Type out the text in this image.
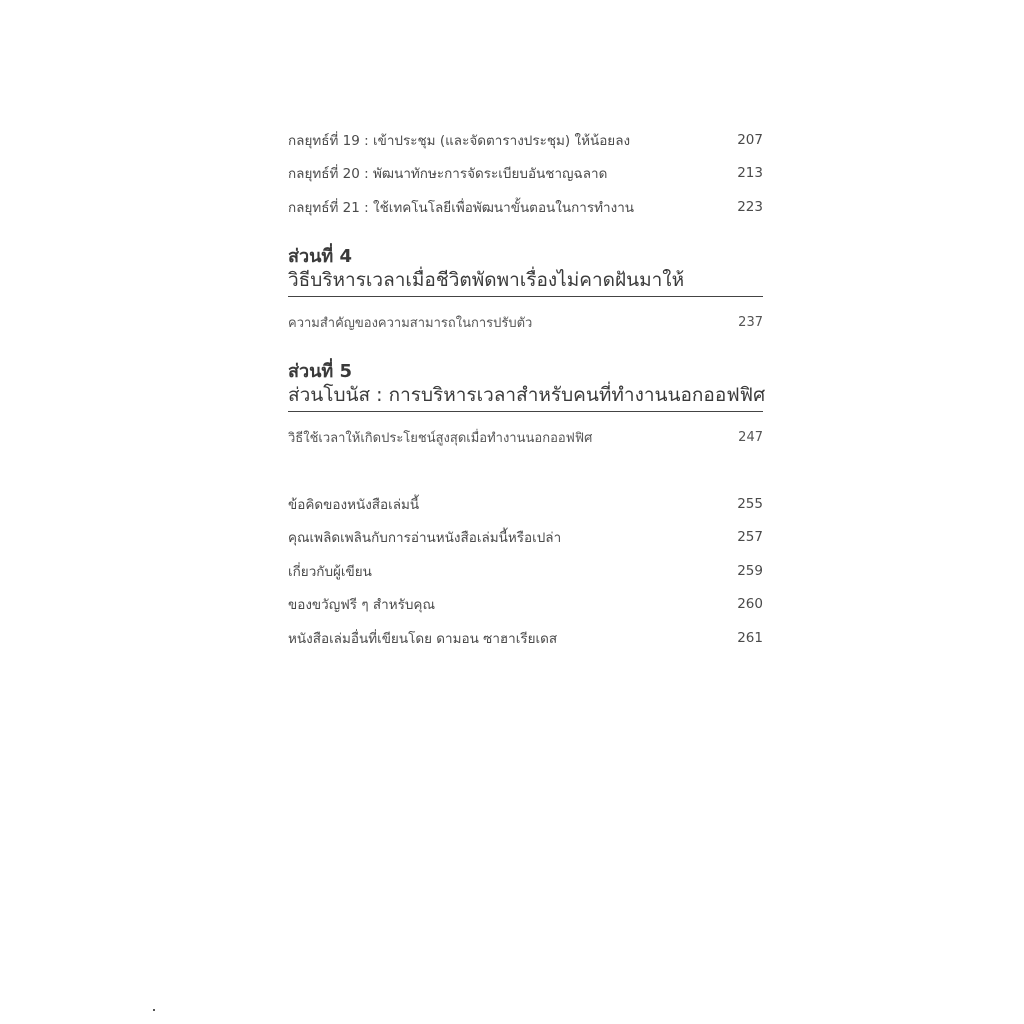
กลยุทธ์ที่ 19 : เข้าประชุม (และจัดตารางประชุม) ให้น้อยลง	207
กลยุทธ์ที่ 20 : พัฒนาทักษะการจัดระเบียบอันชาญฉลาด	213
กลยุทธ์ที่ 21 : ใช้เทคโนโลยีเพื่อพัฒนาขั้นตอนในการทำงาน	223
ส่วนที่ 4
วิธีบริหารเวลาเมื่อชีวิตพัดพาเรื่องไม่คาดฝันมาให้
ความสำคัญของความสามารถในการปรับตัว	237
ส่วนที่ 5
ส่วนโบนัส : การบริหารเวลาสำหรับคนที่ทำงานนอกออฟฟิศ
วิธีใช้เวลาให้เกิดประโยชน์สูงสุดเมื่อทำงานนอกออฟฟิศ	247
ข้อคิดของหนังสือเล่มนี้	255
คุณเพลิดเพลินกับการอ่านหนังสือเล่มนี้หรือเปล่า	257
เกี่ยวกับผู้เขียน	259
ของขวัญฟรี ๆ สำหรับคุณ	260
หนังสือเล่มอื่นที่เขียนโดย ดามอน ซาฮาเรียเดส	261
